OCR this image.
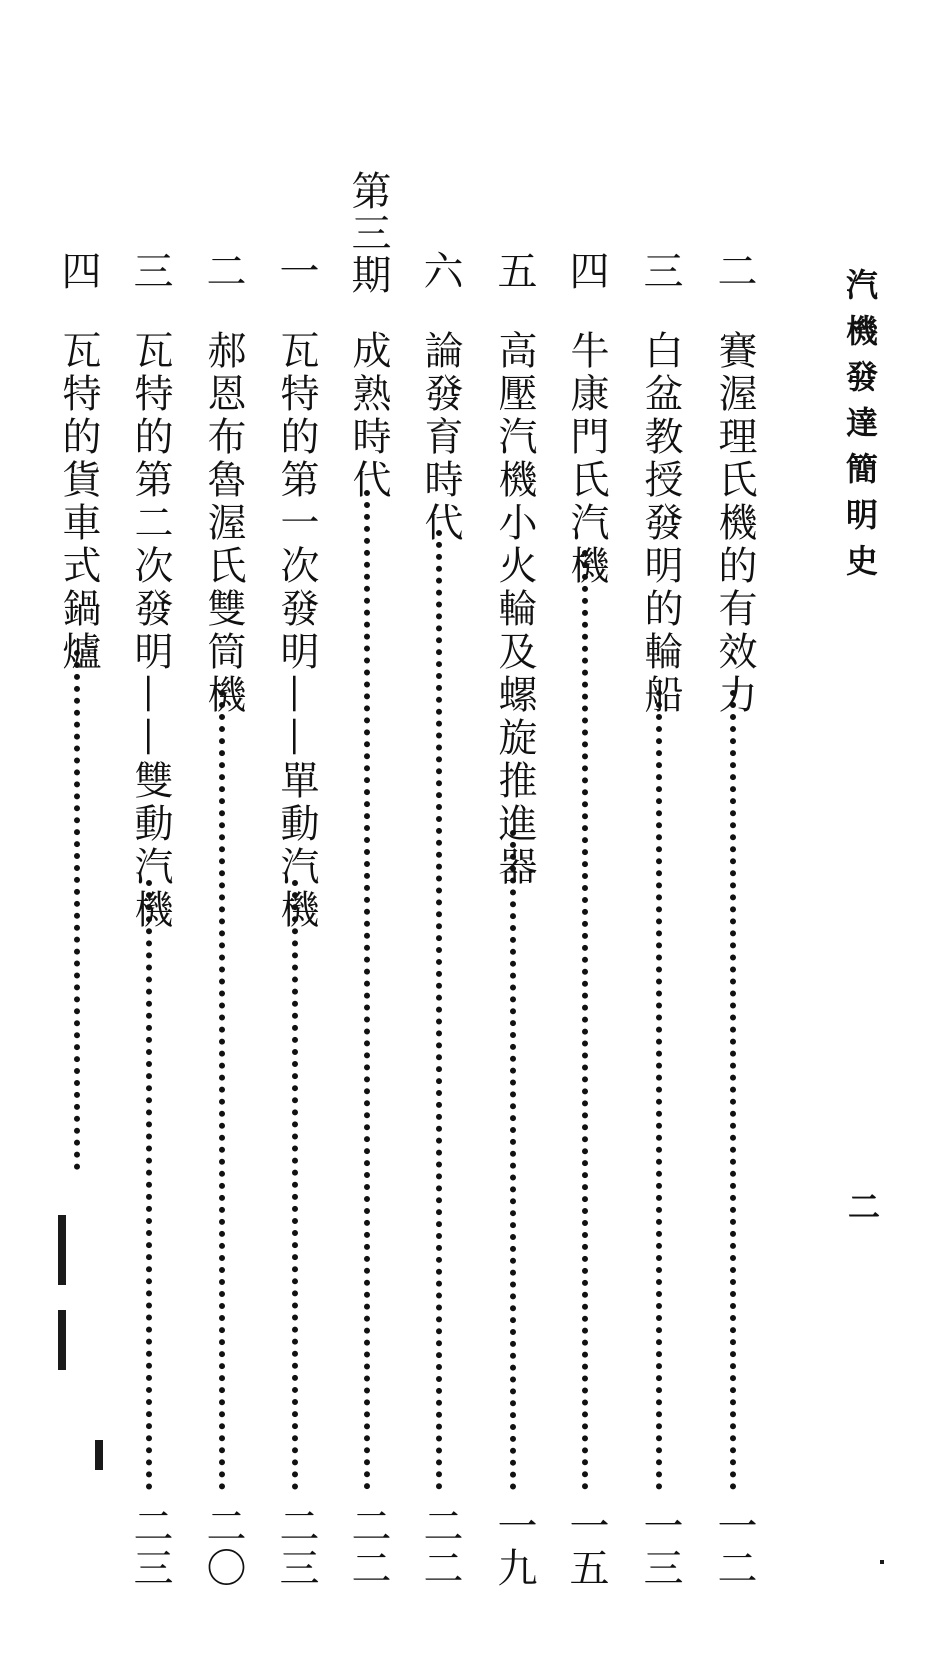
汽機發達簡明史
二
二
賽渥理氏機的有效力
一二
三
白盆教授發明的輪船
一三
四
牛康門氏汽機
一五
五
高壓汽機小火輪及螺旋推進器
一九
六
論發育時代
二二
第三期
成熟時代
二二
一
瓦特的第一次發明——單動汽機
二三
二
郝恩布魯渥氏雙筒機
二〇
三
瓦特的第二次發明——雙動汽機
二三
四
瓦特的貨車式鍋爐
